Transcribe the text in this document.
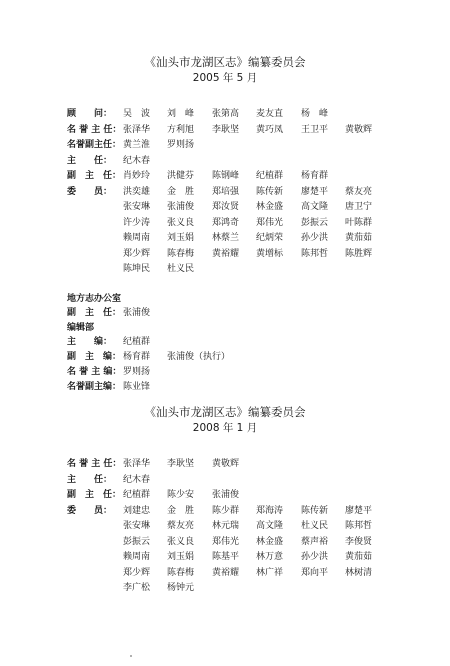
《汕头市龙湖区志》编纂委员会
2005 年 5 月
顾　　问： 吴　波 刘　峰 张第高 麦友直 杨　峰
名 誉 主 任： 张泽华 方利旭 李耿坚 黄巧凤 王卫平 黄敬辉
名誉副主任： 黄兰淮 罗则扬
主　　任： 纪木春
副　主　任： 肖妙玲 洪健芬 陈钢峰 纪植群 杨育群
委　　员： 洪奕雄 金　胜 郑培强 陈传新 廖楚平 蔡友亮
张安琳 张浦俊 郑汝贤 林金盛 高文隆 唐卫宁
许少涛 张义良 郑鸿奇 郑伟光 彭振云 叶陈群
赖周南 刘玉娟 林蔡兰 纪炳荣 孙少洪 黄茄茹
郑少辉 陈春梅 黄裕耀 黄增标 陈邦哲 陈胜辉
陈坤民 杜义民
地方志办公室
副　主　任： 张浦俊
编辑部
主　　编： 纪植群
副　主　编： 杨育群 张浦俊（执行）
名 誉 主 编： 罗则扬
名誉副主编： 陈业锋
《汕头市龙湖区志》编纂委员会
2008 年 1 月
名 誉 主 任： 张泽华 李耿坚 黄敬辉
主　　任： 纪木春
副　主　任： 纪植群 陈少安 张浦俊
委　　员： 刘建忠 金　胜 陈少群 郑海涛 陈传新 廖楚平
张安琳 蔡友亮 林元瑞 高文隆 杜义民 陈邦哲
彭振云 张义良 郑伟光 林金盛 蔡声裕 李俊贤
赖周南 刘玉娟 陈基平 林万意 孙少洪 黄茄茹
郑少辉 陈春梅 黄裕耀 林广祥 郑向平 林树清
李广松 杨钟元
